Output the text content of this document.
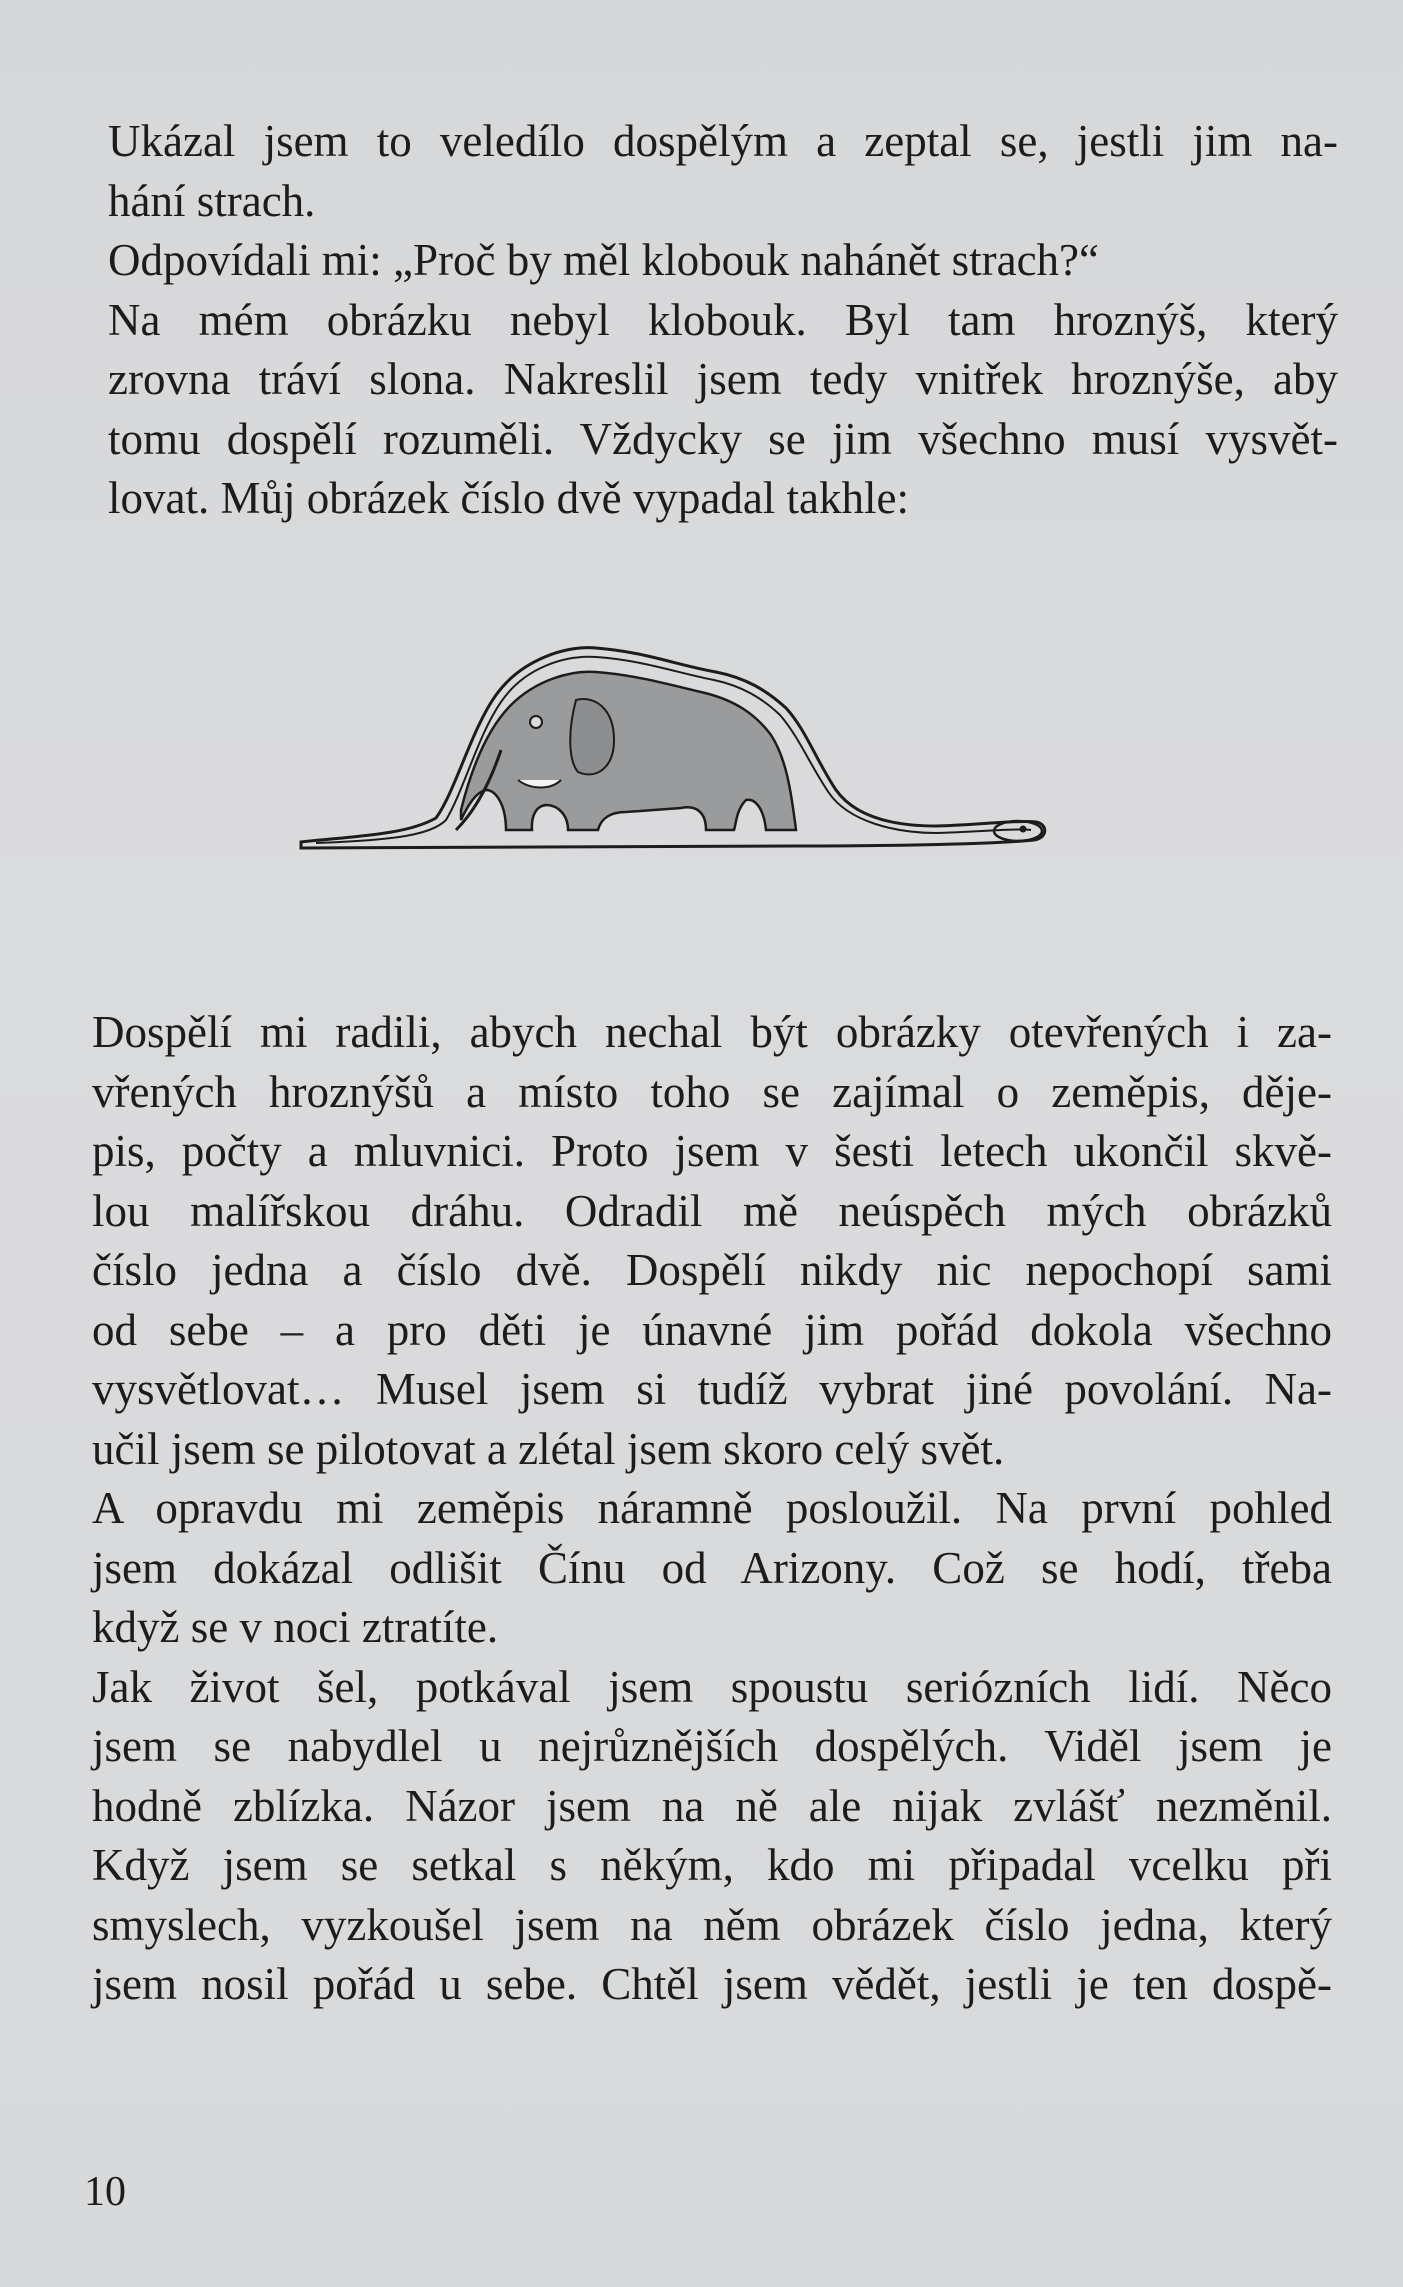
Ukázal jsem to veledílo dospělým a zeptal se, jestli jim na-
hání strach.
Odpovídali mi: „Proč by měl klobouk nahánět strach?“
Na mém obrázku nebyl klobouk. Byl tam hroznýš, který
zrovna tráví slona. Nakreslil jsem tedy vnitřek hroznýše, aby
tomu dospělí rozuměli. Vždycky se jim všechno musí vysvět-
lovat. Můj obrázek číslo dvě vypadal takhle:
Dospělí mi radili, abych nechal být obrázky otevřených i za-
vřených hroznýšů a místo toho se zajímal o zeměpis, děje-
pis, počty a mluvnici. Proto jsem v šesti letech ukončil skvě-
lou malířskou dráhu. Odradil mě neúspěch mých obrázků
číslo jedna a číslo dvě. Dospělí nikdy nic nepochopí sami
od sebe – a pro děti je únavné jim pořád dokola všechno
vysvětlovat… Musel jsem si tudíž vybrat jiné povolání. Na-
učil jsem se pilotovat a zlétal jsem skoro celý svět.
A opravdu mi zeměpis náramně posloužil. Na první pohled
jsem dokázal odlišit Čínu od Arizony. Což se hodí, třeba
když se v noci ztratíte.
Jak život šel, potkával jsem spoustu seriózních lidí. Něco
jsem se nabydlel u nejrůznějších dospělých. Viděl jsem je
hodně zblízka. Názor jsem na ně ale nijak zvlášť nezměnil.
Když jsem se setkal s někým, kdo mi připadal vcelku při
smyslech, vyzkoušel jsem na něm obrázek číslo jedna, který
jsem nosil pořád u sebe. Chtěl jsem vědět, jestli je ten dospě-
10
